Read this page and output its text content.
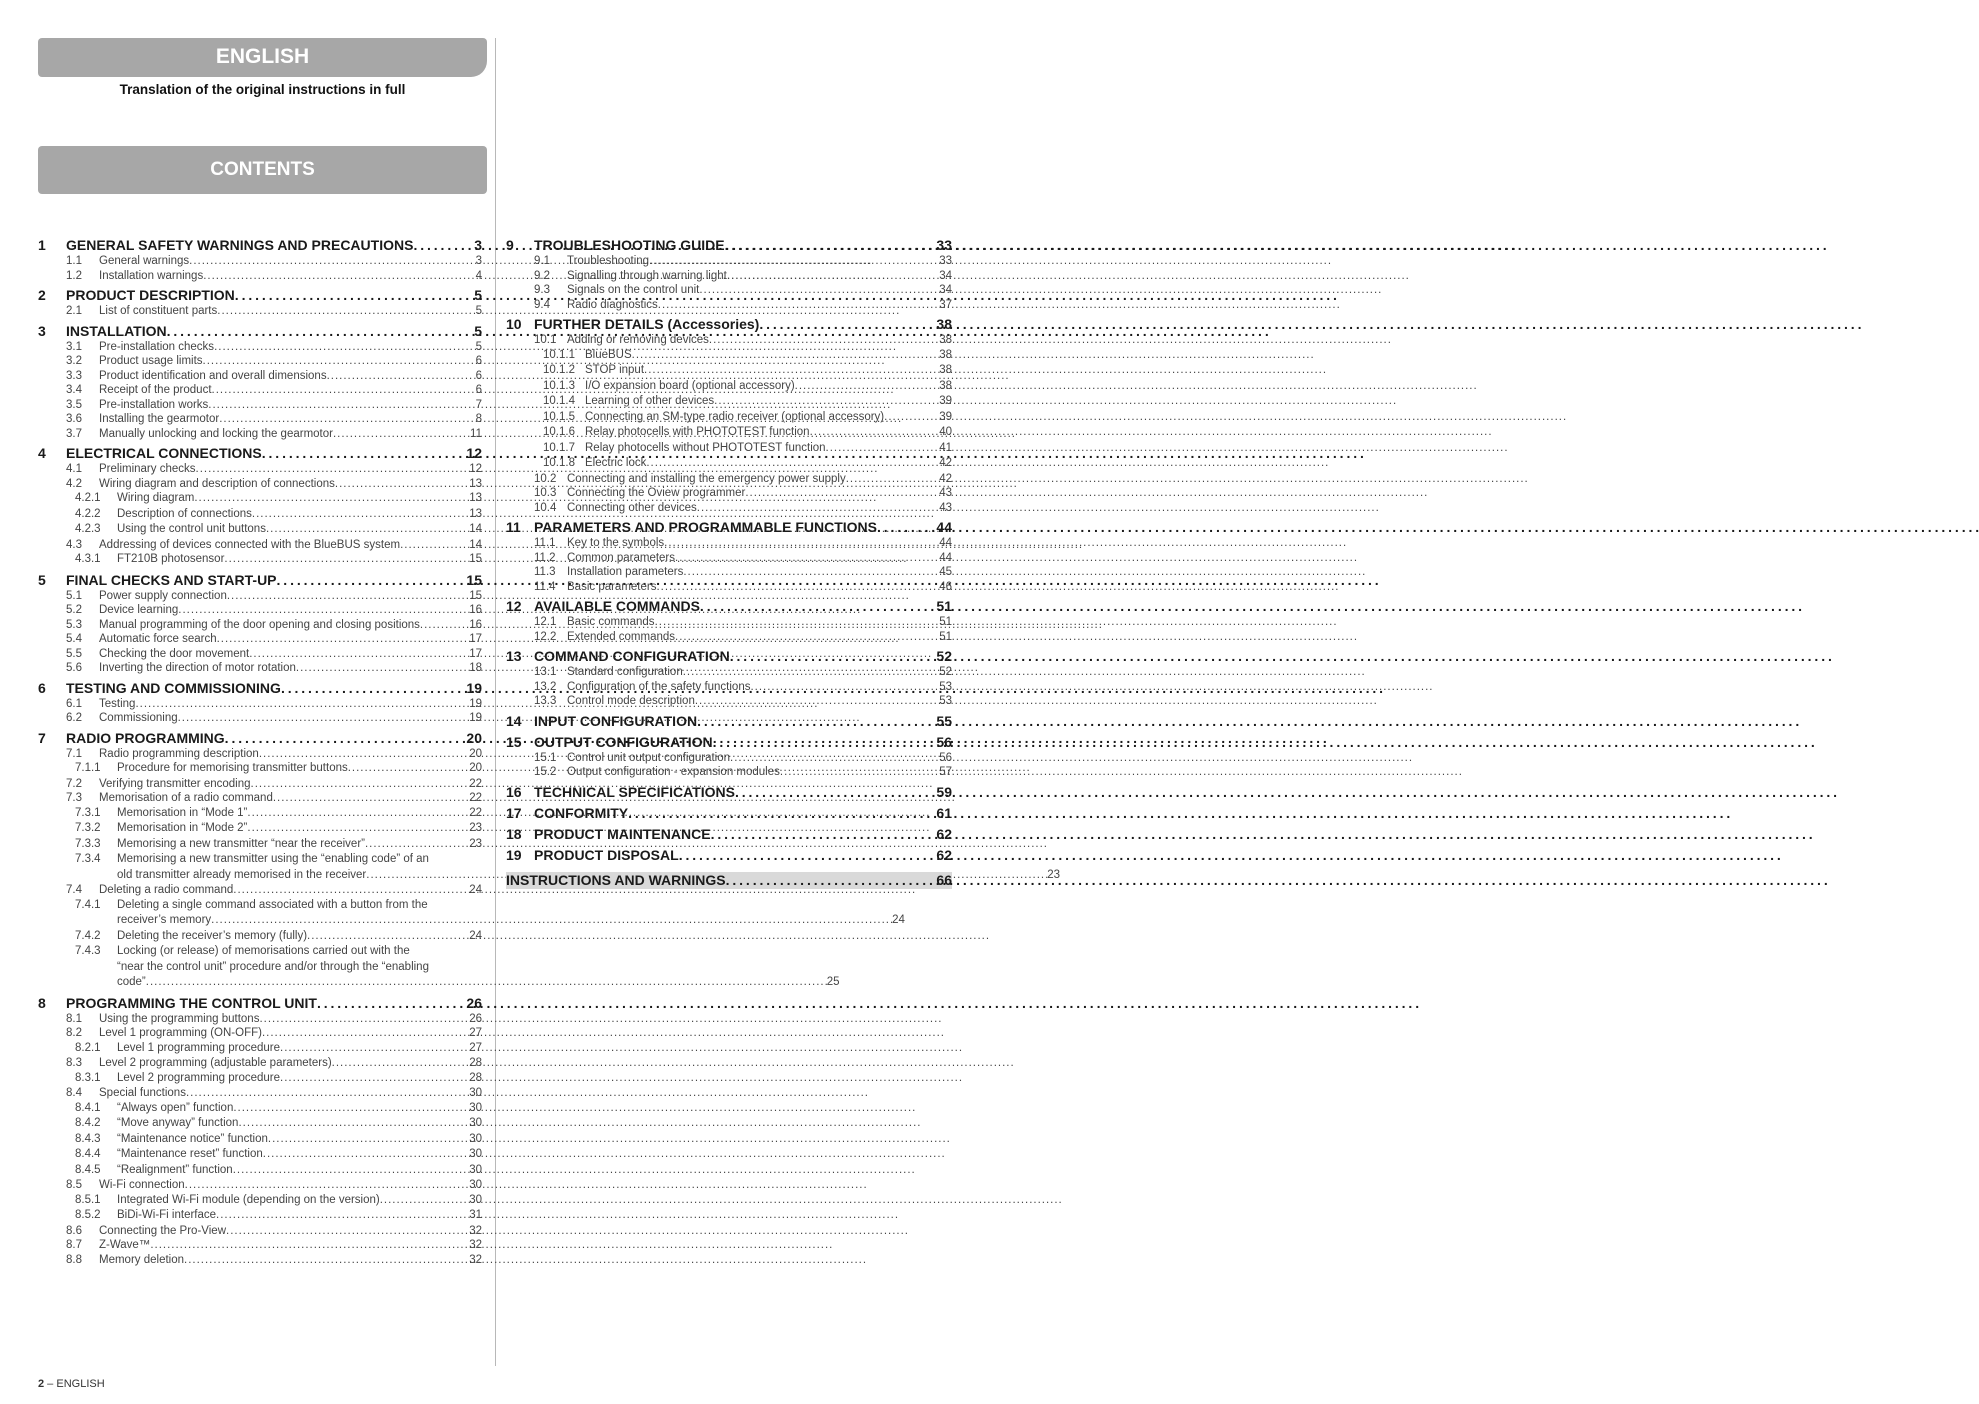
ENGLISH
Translation of the original instructions in full
CONTENTS
1	GENERAL SAFETY WARNINGS AND PRECAUTIONS . . .	3
1.1	General warnings . . .	3
1.2	Installation warnings . . .	4
2	PRODUCT DESCRIPTION . . .	5
2.1	List of constituent parts . . .	5
3	INSTALLATION . . .	5
3.1	Pre-installation checks . . .	5
3.2	Product usage limits . . .	6
3.3	Product identification and overall dimensions . . .	6
3.4	Receipt of the product . . .	6
3.5	Pre-installation works . . .	7
3.6	Installing the gearmotor . . .	8
3.7	Manually unlocking and locking the gearmotor . . .	11
4	ELECTRICAL CONNECTIONS . . .	12
4.1	Preliminary checks . . .	12
4.2	Wiring diagram and description of connections . . .	13
4.2.1	Wiring diagram . . .	13
4.2.2	Description of connections . . .	13
4.2.3	Using the control unit buttons . . .	14
4.3	Addressing of devices connected with the BlueBUS system . . .	14
4.3.1	FT210B photosensor . . .	15
5	FINAL CHECKS AND START-UP . . .	15
5.1	Power supply connection . . .	15
5.2	Device learning . . .	16
5.3	Manual programming of the door opening and closing positions . . .	16
5.4	Automatic force search . . .	17
5.5	Checking the door movement . . .	17
5.6	Inverting the direction of motor rotation . . .	18
6	TESTING AND COMMISSIONING . . .	19
6.1	Testing . . .	19
6.2	Commissioning . . .	19
7	RADIO PROGRAMMING . . .	20
7.1	Radio programming description . . .	20
7.1.1	Procedure for memorising transmitter buttons . . .	20
7.2	Verifying transmitter encoding . . .	22
7.3	Memorisation of a radio command . . .	22
7.3.1	Memorisation in “Mode 1” . . .	22
7.3.2	Memorisation in “Mode 2” . . .	23
7.3.3	Memorising a new transmitter “near the receiver” . . .	23
7.3.4	Memorising a new transmitter using the “enabling code” of an
old transmitter already memorised in the receiver . . .	23
7.4	Deleting a radio command . . .	24
7.4.1	Deleting a single command associated with a button from the
receiver’s memory . . .	24
7.4.2	Deleting the receiver’s memory (fully) . . .	24
7.4.3	Locking (or release) of memorisations carried out with the
“near the control unit” procedure and/or through the “enabling
code” . . .	25
8	PROGRAMMING THE CONTROL UNIT . . .	26
8.1	Using the programming buttons . . .	26
8.2	Level 1 programming (ON-OFF) . . .	27
8.2.1	Level 1 programming procedure . . .	27
8.3	Level 2 programming (adjustable parameters) . . .	28
8.3.1	Level 2 programming procedure . . .	28
8.4	Special functions . . .	30
8.4.1	“Always open” function . . .	30
8.4.2	“Move anyway” function . . .	30
8.4.3	“Maintenance notice” function . . .	30
8.4.4	“Maintenance reset” function . . .	30
8.4.5	“Realignment” function . . .	30
8.5	Wi-Fi connection . . .	30
8.5.1	Integrated Wi-Fi module (depending on the version) . . .	30
8.5.2	BiDi-Wi-Fi interface . . .	31
8.6	Connecting the Pro-View . . .	32
8.7	Z-Wave™ . . .	32
8.8	Memory deletion . . .	32
9	TROUBLESHOOTING GUIDE . . .	33
9.1	Troubleshooting . . .	33
9.2	Signalling through warning light . . .	34
9.3	Signals on the control unit . . .	34
9.4	Radio diagnostics . . .	37
10 FURTHER DETAILS (Accessories) . . .	38
10.1 Adding or removing devices . . .	38
10.1.1 BlueBUS . . .	38
10.1.2 STOP input . . .	38
10.1.3 I/O expansion board (optional accessory) . . .	38
10.1.4 Learning of other devices . . .	39
10.1.5 Connecting an SM-type radio receiver (optional accessory) . . .	39
10.1.6 Relay photocells with PHOTOTEST function . . .	40
10.1.7 Relay photocells without PHOTOTEST function . . .	41
10.1.8 Electric lock . . .	42
10.2 Connecting and installing the emergency power supply . . .	42
10.3 Connecting the Oview programmer . . .	43
10.4 Connecting other devices . . .	43
11 PARAMETERS AND PROGRAMMABLE FUNCTIONS . . .	44
11.1 Key to the symbols . . .	44
11.2 Common parameters . . .	44
11.3 Installation parameters . . .	45
11.4 Basic parameters . . .	46
12 AVAILABLE COMMANDS . . .	51
12.1 Basic commands . . .	51
12.2 Extended commands . . .	51
13 COMMAND CONFIGURATION . . .	52
13.1 Standard configuration . . .	52
13.2 Configuration of the safety functions . . .	53
13.3 Control mode description . . .	53
14 INPUT CONFIGURATION . . .	55
15 OUTPUT CONFIGURATION . . .	56
15.1 Control unit output configuration . . .	56
15.2 Output configuration - expansion modules . . .	57
16 TECHNICAL SPECIFICATIONS . . .	59
17 CONFORMITY . . .	61
18 PRODUCT MAINTENANCE . . .	62
19 PRODUCT DISPOSAL . . .	62
INSTRUCTIONS AND WARNINGS . . .	66
2 – ENGLISH
